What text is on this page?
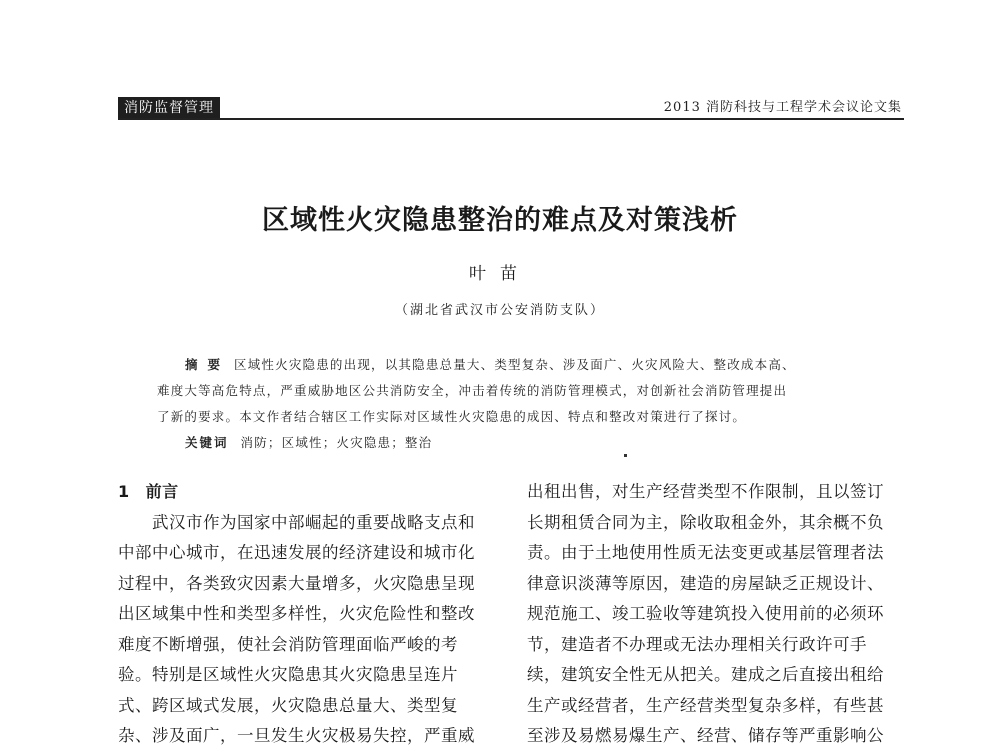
消防监督管理	2013 消防科技与工程学术会议论文集
区域性火灾隐患整治的难点及对策浅析
叶苗
（湖北省武汉市公安消防支队）
摘要 区域性火灾隐患的出现，以其隐患总量大、类型复杂、涉及面广、火灾风险大、整改成本高、
难度大等高危特点，严重威胁地区公共消防安全，冲击着传统的消防管理模式，对创新社会消防管理提出
了新的要求。本文作者结合辖区工作实际对区域性火灾隐患的成因、特点和整改对策进行了探讨。
关键词 消防；区域性；火灾隐患；整治
1 前言
武汉市作为国家中部崛起的重要战略支点和
中部中心城市，在迅速发展的经济建设和城市化
过程中，各类致灾因素大量增多，火灾隐患呈现
出区域集中性和类型多样性，火灾危险性和整改
难度不断增强，使社会消防管理面临严峻的考
验。特别是区域性火灾隐患其火灾隐患呈连片
式、跨区域式发展，火灾隐患总量大、类型复
杂、涉及面广，一旦发生火灾极易失控，严重威
出租出售，对生产经营类型不作限制，且以签订
长期租赁合同为主，除收取租金外，其余概不负
责。由于土地使用性质无法变更或基层管理者法
律意识淡薄等原因，建造的房屋缺乏正规设计、
规范施工、竣工验收等建筑投入使用前的必须环
节，建造者不办理或无法办理相关行政许可手
续，建筑安全性无从把关。建成之后直接出租给
生产或经营者，生产经营类型复杂多样，有些甚
至涉及易燃易爆生产、经营、储存等严重影响公
